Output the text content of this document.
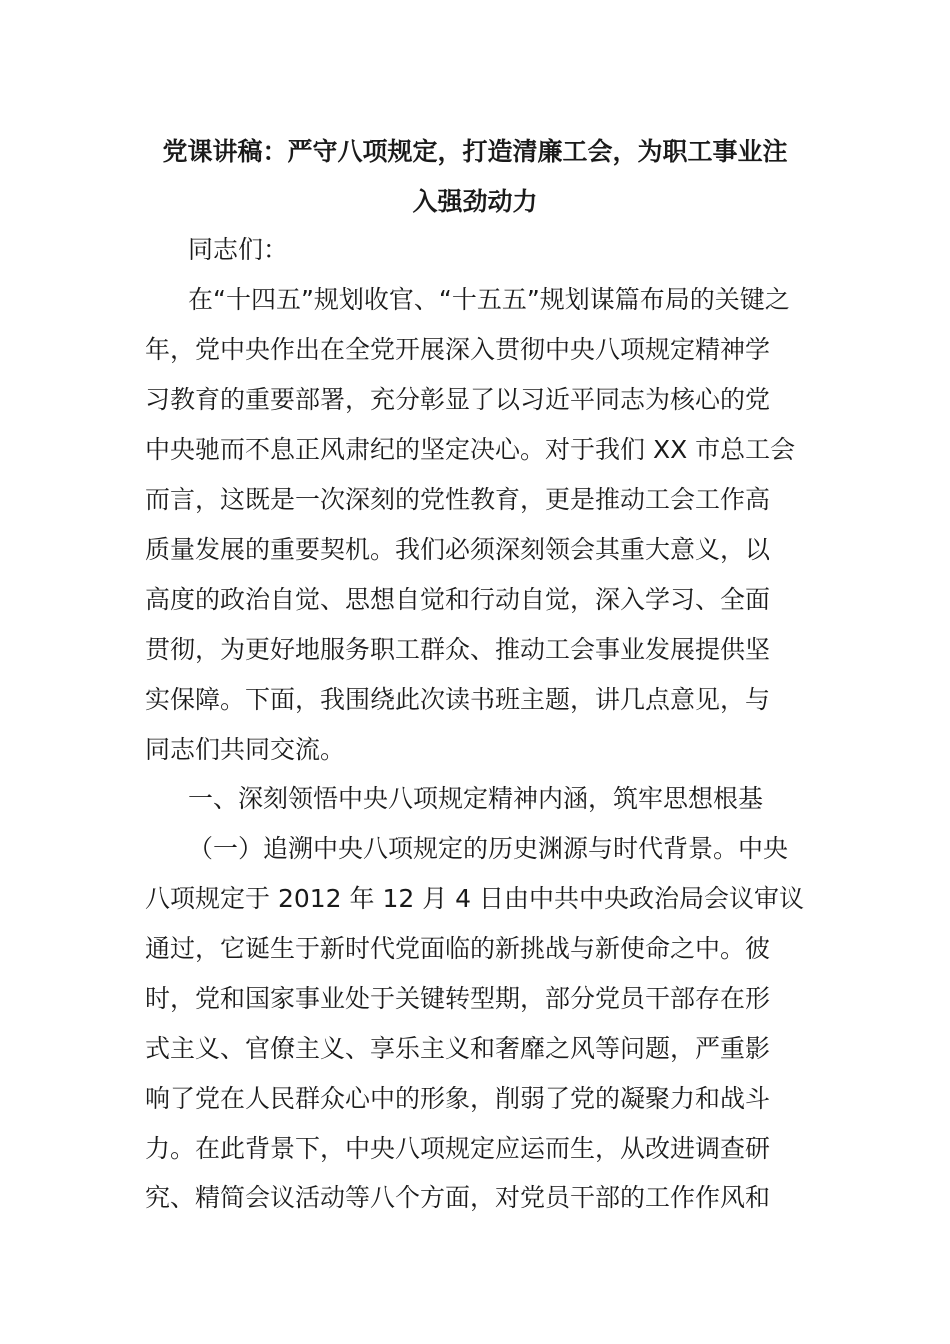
党课讲稿：严守八项规定，打造清廉工会，为职工事业注
入强劲动力

同志们：

在“十四五”规划收官、“十五五”规划谋篇布局的关键之

年，党中央作出在全党开展深入贯彻中央八项规定精神学

习教育的重要部署，充分彰显了以习近平同志为核心的党

中央驰而不息正风肃纪的坚定决心。对于我们 XX 市总工会

而言，这既是一次深刻的党性教育，更是推动工会工作高

质量发展的重要契机。我们必须深刻领会其重大意义，以

高度的政治自觉、思想自觉和行动自觉，深入学习、全面

贯彻，为更好地服务职工群众、推动工会事业发展提供坚

实保障。下面，我围绕此次读书班主题，讲几点意见，与

同志们共同交流。

一、深刻领悟中央八项规定精神内涵，筑牢思想根基

（一）追溯中央八项规定的历史渊源与时代背景。中央

八项规定于 2012 年 12 月 4 日由中共中央政治局会议审议

通过，它诞生于新时代党面临的新挑战与新使命之中。彼

时，党和国家事业处于关键转型期，部分党员干部存在形

式主义、官僚主义、享乐主义和奢靡之风等问题，严重影

响了党在人民群众心中的形象，削弱了党的凝聚力和战斗

力。在此背景下，中央八项规定应运而生，从改进调查研

究、精简会议活动等八个方面，对党员干部的工作作风和
